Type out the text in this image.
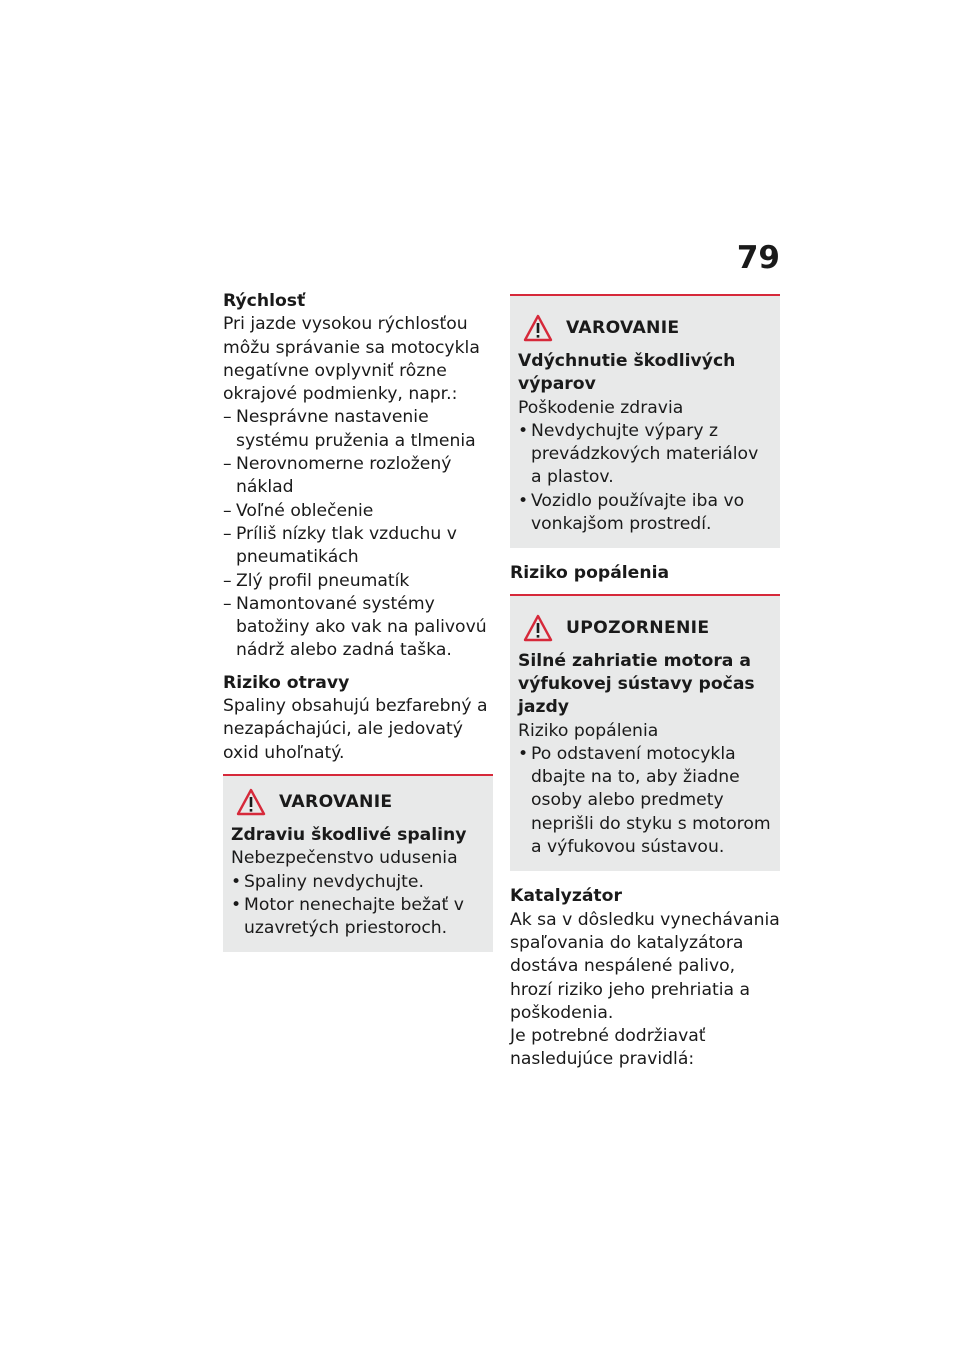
79

Rýchlosť

Pri jazde vysokou rýchlosťou môžu správanie sa motocykla negatívne ovplyvniť rôzne okrajové podmienky, napr.:

– Nesprávne nastavenie systému pruženia a tlmenia
– Nerovnomerne rozložený náklad
– Voľné oblečenie
– Príliš nízky tlak vzduchu v pneumatikách
– Zlý profil pneumatík
– Namontované systémy batožiny ako vak na palivovú nádrž alebo zadná taška.

Riziko otravy

Spaliny obsahujú bezfarebný a nezapáchajúci, ale jedovatý oxid uhoľnatý.

VAROVANIE

Zdraviu škodlivé spaliny

Nebezpečenstvo udusenia

• Spaliny nevdychujte.
• Motor nenechajte bežať v uzavretých priestoroch.
VAROVANIE

Vdýchnutie škodlivých výparov

Poškodenie zdravia

• Nevdychujte výpary z prevádzkových materiálov a plastov.
• Vozidlo používajte iba vo vonkajšom prostredí.

Riziko popálenia

UPOZORNENIE

Silné zahriatie motora a výfukovej sústavy počas jazdy

Riziko popálenia

• Po odstavení motocykla dbajte na to, aby žiadne osoby alebo predmety neprišli do styku s motorom a výfukovou sústavou.

Katalyzátor

Ak sa v dôsledku vynechávania spaľovania do katalyzátora dostáva nespálené palivo, hrozí riziko jeho prehriatia a poškodenia.

Je potrebné dodržiavať nasledujúce pravidlá:
